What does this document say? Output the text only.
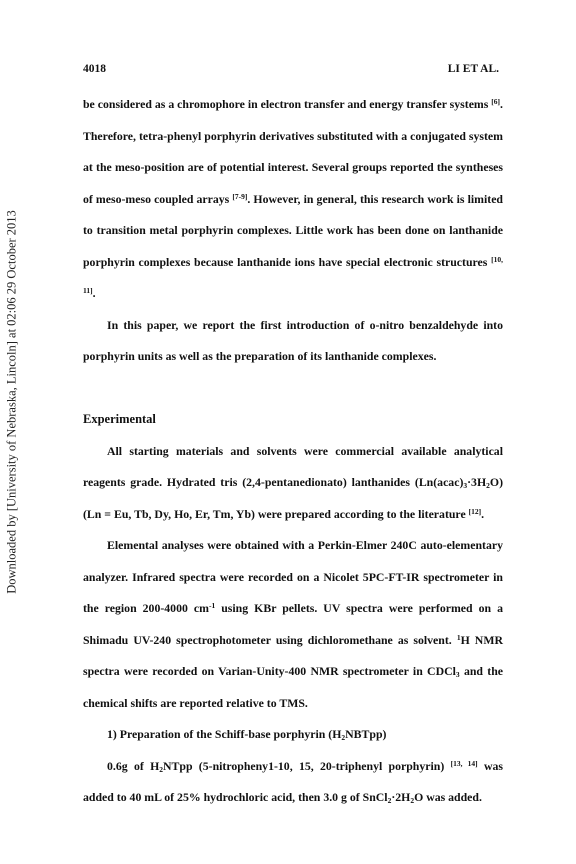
Downloaded by [University of Nebraska, Lincoln] at 02:06 29 October 2013
4018	LI ET AL.

be considered as a chromophore in electron transfer and energy transfer systems [6]. Therefore, tetra-phenyl porphyrin derivatives substituted with a conjugated system at the meso-position are of potential interest. Several groups reported the syntheses of meso-meso coupled arrays [7-9]. However, in general, this research work is limited to transition metal porphyrin complexes. Little work has been done on lanthanide porphyrin complexes because lanthanide ions have special electronic structures [10, 11].

In this paper, we report the first introduction of o-nitro benzaldehyde into porphyrin units as well as the preparation of its lanthanide complexes.

Experimental

All starting materials and solvents were commercial available analytical reagents grade. Hydrated tris (2,4-pentanedionato) lanthanides $(Ln(acac)_3\cdot 3H_2O) (Ln = Eu$, Tb, Dy, Ho, Er, Tm, Yb) were prepared according to the literature [12].

Elemental analyses were obtained with a Perkin-Elmer 240C auto-elementary analyzer. Infrared spectra were recorded on a Nicolet 5PC-FT-IR spectrometer in the region 200-4000 $cm^{-1}$ using KBr pellets. UV spectra were performed on a Shimadu UV-240 spectrophotometer using dichloromethane as solvent. $^1$H NMR spectra were recorded on Varian-Unity-400 NMR spectrometer in CDCl$_3$ and the chemical shifts are reported relative to TMS.

1) Preparation of the Schiff-base porphyrin $(H_2NBTpp)$

0.6g of $H_2NTpp$ (5-nitropheny1-10, 15, 20-triphenyl porphyrin) [13, 14] was added to 40 mL of 25% hydrochloric acid, then 3.0 g of $SnCl_2\cdot 2H_2O$ was added.
